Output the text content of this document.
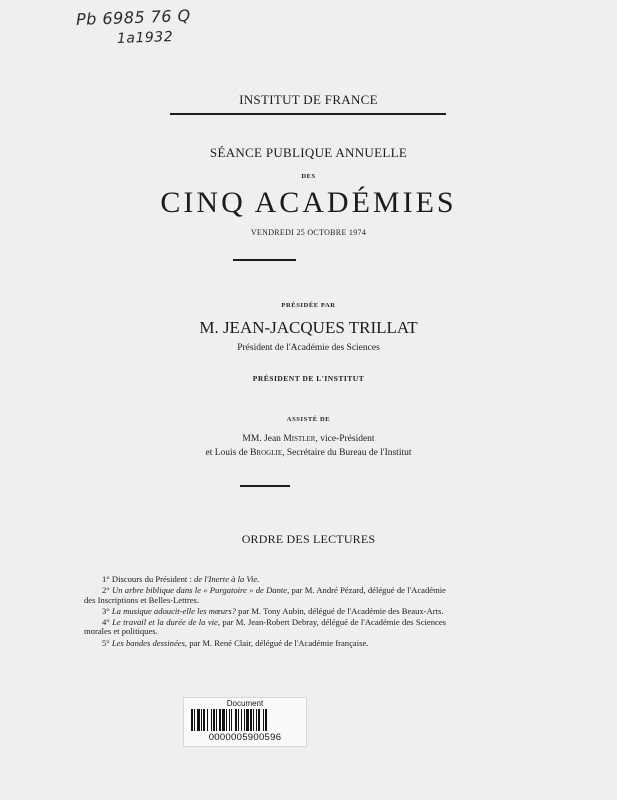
Pb 6985 76 Q
1a1932
INSTITUT DE FRANCE
SÉANCE PUBLIQUE ANNUELLE
DES
CINQ ACADÉMIES
VENDREDI 25 OCTOBRE 1974
PRÉSIDÉE PAR
M. JEAN-JACQUES TRILLAT
Président de l'Académie des Sciences
PRÉSIDENT DE L'INSTITUT
ASSISTÉ DE
MM. Jean Mistler, vice-Président
et Louis de Broglie, Secrétaire du Bureau de l'Institut
ORDRE DES LECTURES

1° Discours du Président : de l'Inerte à la Vie.

2° Un arbre biblique dans le « Purgatoire » de Dante, par M. André Pézard, délégué de l'Académie des Inscriptions et Belles-Lettres.

3° La musique adoucit-elle les mœurs? par M. Tony Aubin, délégué de l'Académie des Beaux-Arts.

4° Le travail et la durée de la vie, par M. Jean-Robert Debray, délégué de l'Académie des Sciences morales et politiques.

5° Les bandes dessinées, par M. René Clair, délégué de l'Académie française.

Document
0000005900596
